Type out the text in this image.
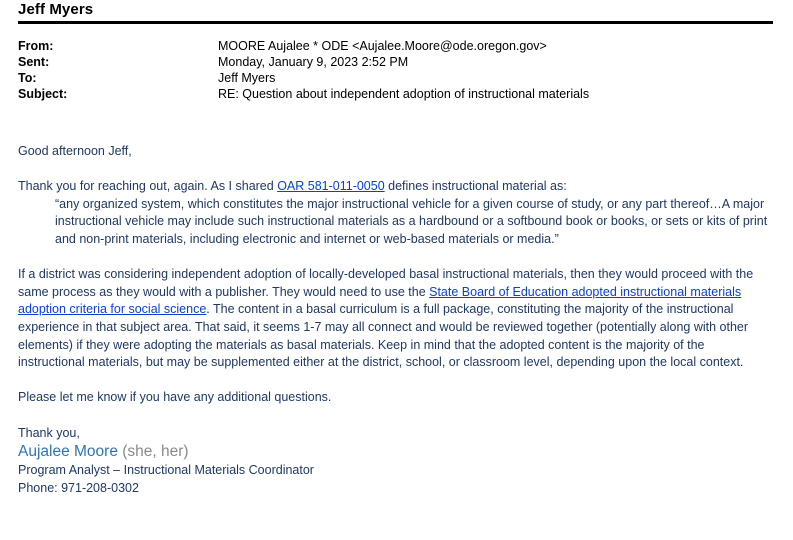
Jeff Myers
From:	MOORE Aujalee * ODE <Aujalee.Moore@ode.oregon.gov>
Sent:	Monday, January 9, 2023 2:52 PM
To:	Jeff Myers
Subject:	RE: Question about independent adoption of instructional materials

Good afternoon Jeff,

Thank you for reaching out, again. As I shared OAR 581-011-0050 defines instructional material as:

“any organized system, which constitutes the major instructional vehicle for a given course of study, or any part thereof…A major instructional vehicle may include such instructional materials as a hardbound or a softbound book or books, or sets or kits of print and non-print materials, including electronic and internet or web-based materials or media.”

If a district was considering independent adoption of locally-developed basal instructional materials, then they would proceed with the same process as they would with a publisher. They would need to use the State Board of Education adopted instructional materials adoption criteria for social science. The content in a basal curriculum is a full package, constituting the majority of the instructional experience in that subject area. That said, it seems 1-7 may all connect and would be reviewed together (potentially along with other elements) if they were adopting the materials as basal materials. Keep in mind that the adopted content is the majority of the instructional materials, but may be supplemented either at the district, school, or classroom level, depending upon the local context.

Please let me know if you have any additional questions.

Thank you,

Aujalee Moore (she, her)

Program Analyst – Instructional Materials Coordinator

Phone: 971-208-0302
